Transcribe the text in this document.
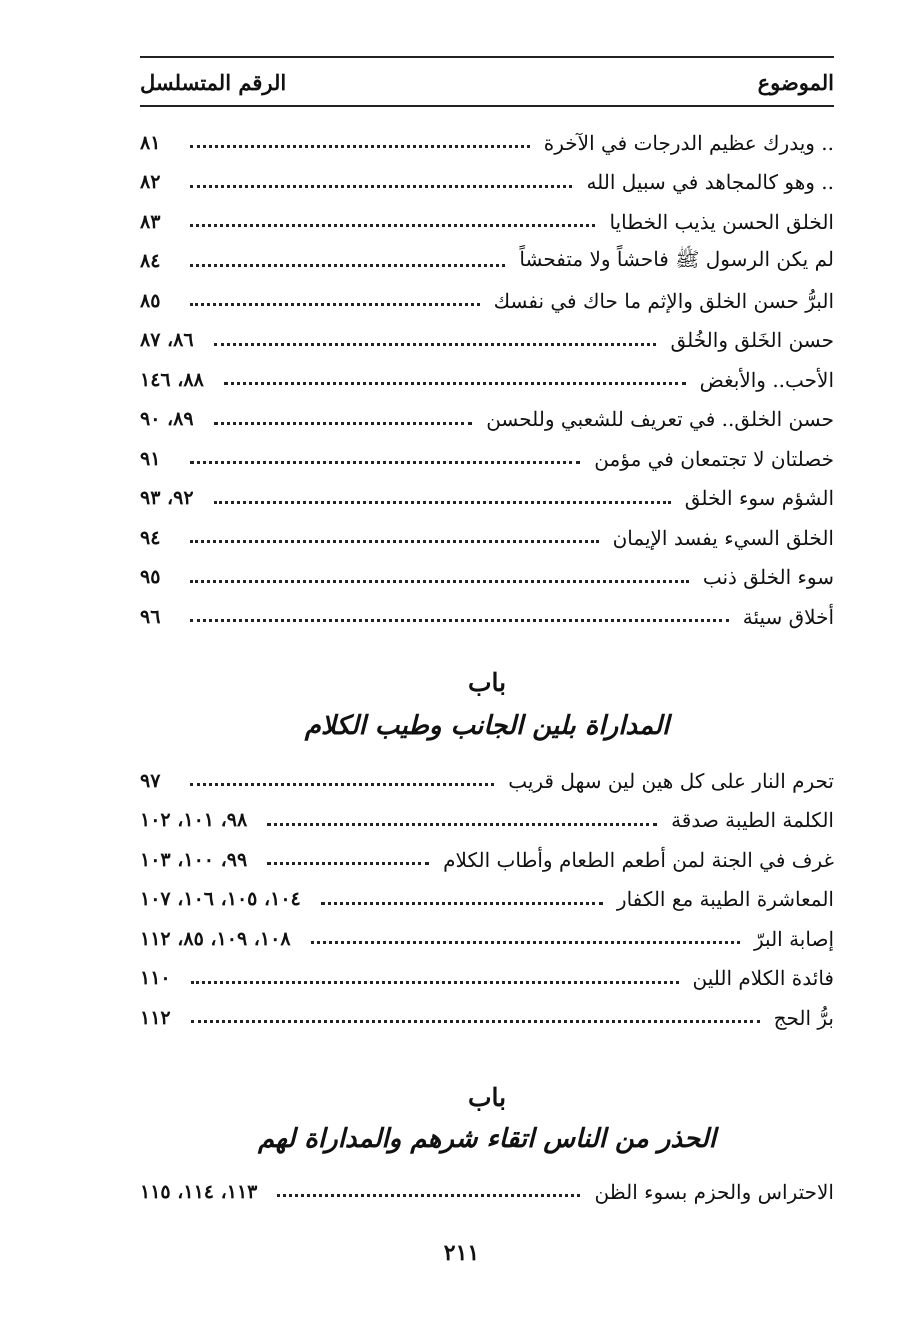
الموضوع
الرقم المتسلسل
.. ويدرك عظيم الدرجات في الآخرة
٨١
.. وهو كالمجاهد في سبيل الله
٨٢
الخلق الحسن يذيب الخطايا
٨٣
لم يكن الرسول ﷺ فاحشاً ولا متفحشاً
٨٤
البرُّ حسن الخلق والإثم ما حاك في نفسك
٨٥
حسن الخَلق والخُلق
٨٦، ٨٧
الأحب.. والأبغض
٨٨، ١٤٦
حسن الخلق.. في تعريف للشعبي وللحسن
٨٩، ٩٠
خصلتان لا تجتمعان في مؤمن
٩١
الشؤم سوء الخلق
٩٢، ٩٣
الخلق السيء يفسد الإيمان
٩٤
سوء الخلق ذنب
٩٥
أخلاق سيئة
٩٦
باب
المداراة بلين الجانب وطيب الكلام
تحرم النار على كل هين لين سهل قريب
٩٧
الكلمة الطيبة صدقة
٩٨، ١٠١، ١٠٢
غرف في الجنة لمن أطعم الطعام وأطاب الكلام
٩٩، ١٠٠، ١٠٣
المعاشرة الطيبة مع الكفار
١٠٤، ١٠٥، ١٠٦، ١٠٧
إصابة البرّ
١٠٨، ١٠٩، ٨٥، ١١٢
فائدة الكلام اللين
١١٠
برُّ الحج
١١٢
باب
الحذر من الناس اتقاء شرهم والمداراة لهم
الاحتراس والحزم بسوء الظن
١١٣، ١١٤، ١١٥
٢١١
